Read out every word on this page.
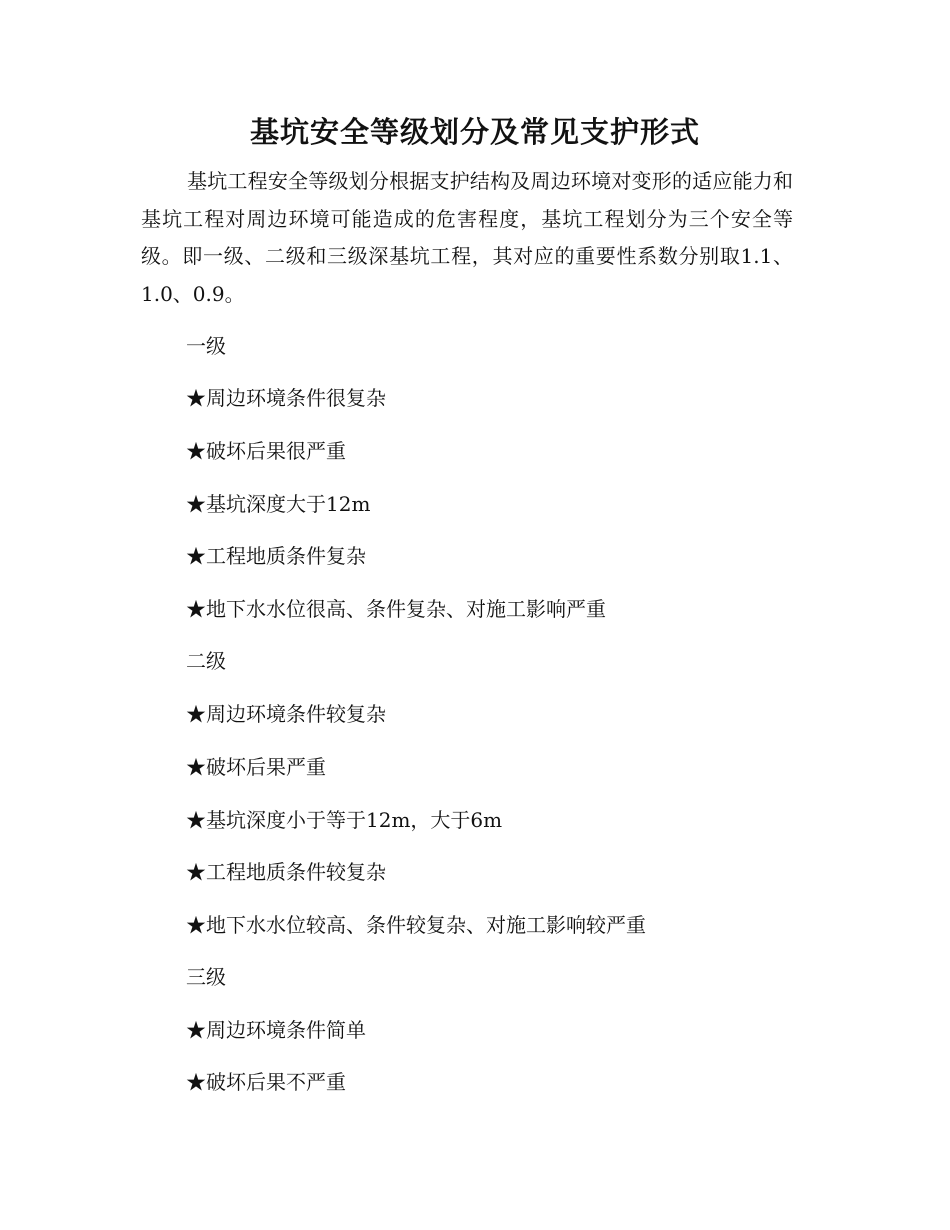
基坑安全等级划分及常见支护形式

基坑工程安全等级划分根据支护结构及周边环境对变形的适应能力和基坑工程对周边环境可能造成的危害程度，基坑工程划分为三个安全等级。即一级、二级和三级深基坑工程，其对应的重要性系数分别取1.1、1.0、0.9。

一级

★周边环境条件很复杂

★破坏后果很严重

★基坑深度大于12m

★工程地质条件复杂

★地下水水位很高、条件复杂、对施工影响严重

二级

★周边环境条件较复杂

★破坏后果严重

★基坑深度小于等于12m，大于6m

★工程地质条件较复杂

★地下水水位较高、条件较复杂、对施工影响较严重

三级

★周边环境条件简单

★破坏后果不严重
